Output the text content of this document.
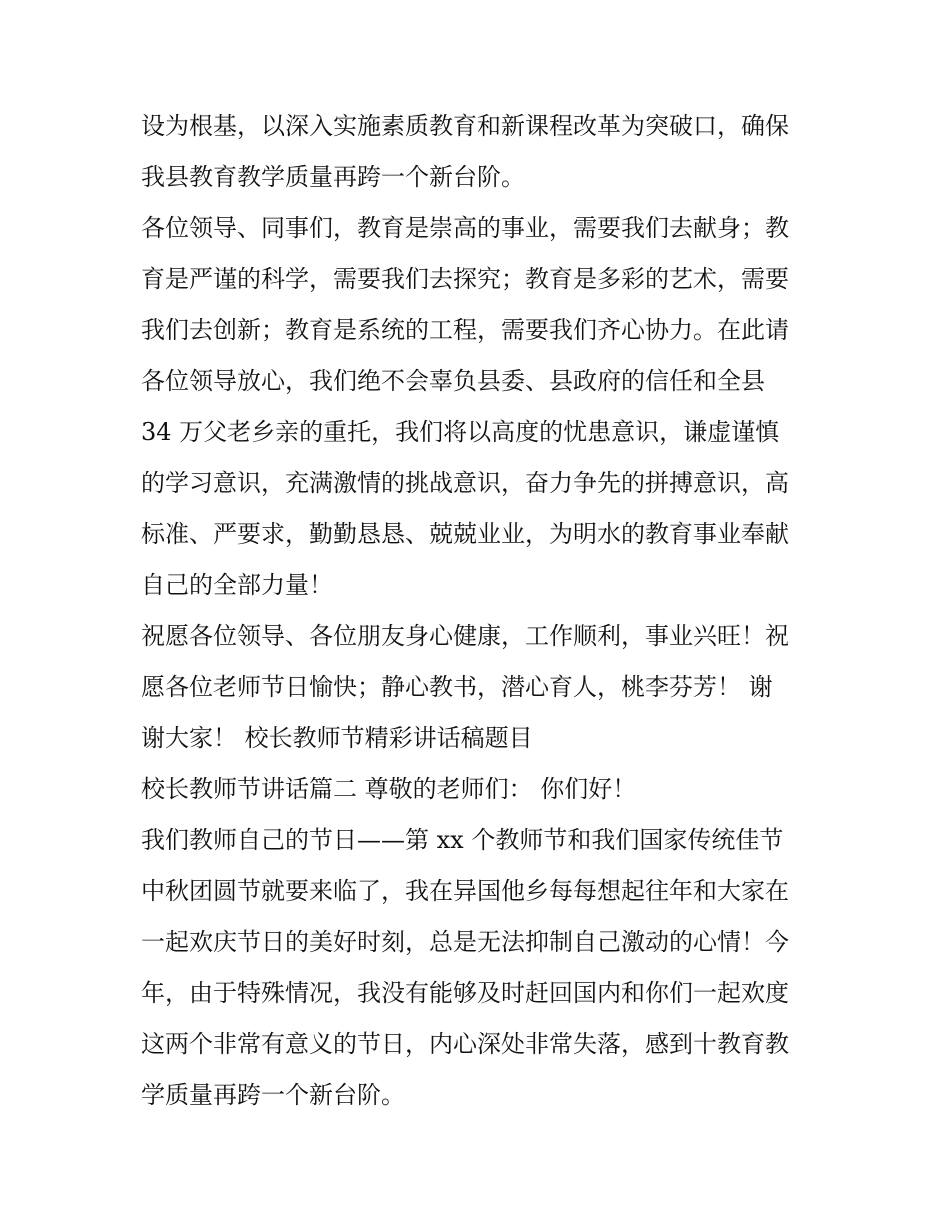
设为根基，以深入实施素质教育和新课程改革为突破口，确保
我县教育教学质量再跨一个新台阶。
各位领导、同事们，教育是崇高的事业，需要我们去献身；教
育是严谨的科学，需要我们去探究；教育是多彩的艺术，需要
我们去创新；教育是系统的工程，需要我们齐心协力。在此请
各位领导放心，我们绝不会辜负县委、县政府的信任和全县
34 万父老乡亲的重托，我们将以高度的忧患意识，谦虚谨慎
的学习意识，充满激情的挑战意识，奋力争先的拼搏意识，高
标准、严要求，勤勤恳恳、兢兢业业，为明水的教育事业奉献
自己的全部力量！
祝愿各位领导、各位朋友身心健康，工作顺利，事业兴旺！祝
愿各位老师节日愉快；静心教书，潜心育人，桃李芬芳！ 谢
谢大家！ 校长教师节精彩讲话稿题目
校长教师节讲话篇二 尊敬的老师们： 你们好！
我们教师自己的节日——第 xx 个教师节和我们国家传统佳节
中秋团圆节就要来临了，我在异国他乡每每想起往年和大家在
一起欢庆节日的美好时刻，总是无法抑制自己激动的心情！今
年，由于特殊情况，我没有能够及时赶回国内和你们一起欢度
这两个非常有意义的节日，内心深处非常失落，感到十教育教
学质量再跨一个新台阶。
